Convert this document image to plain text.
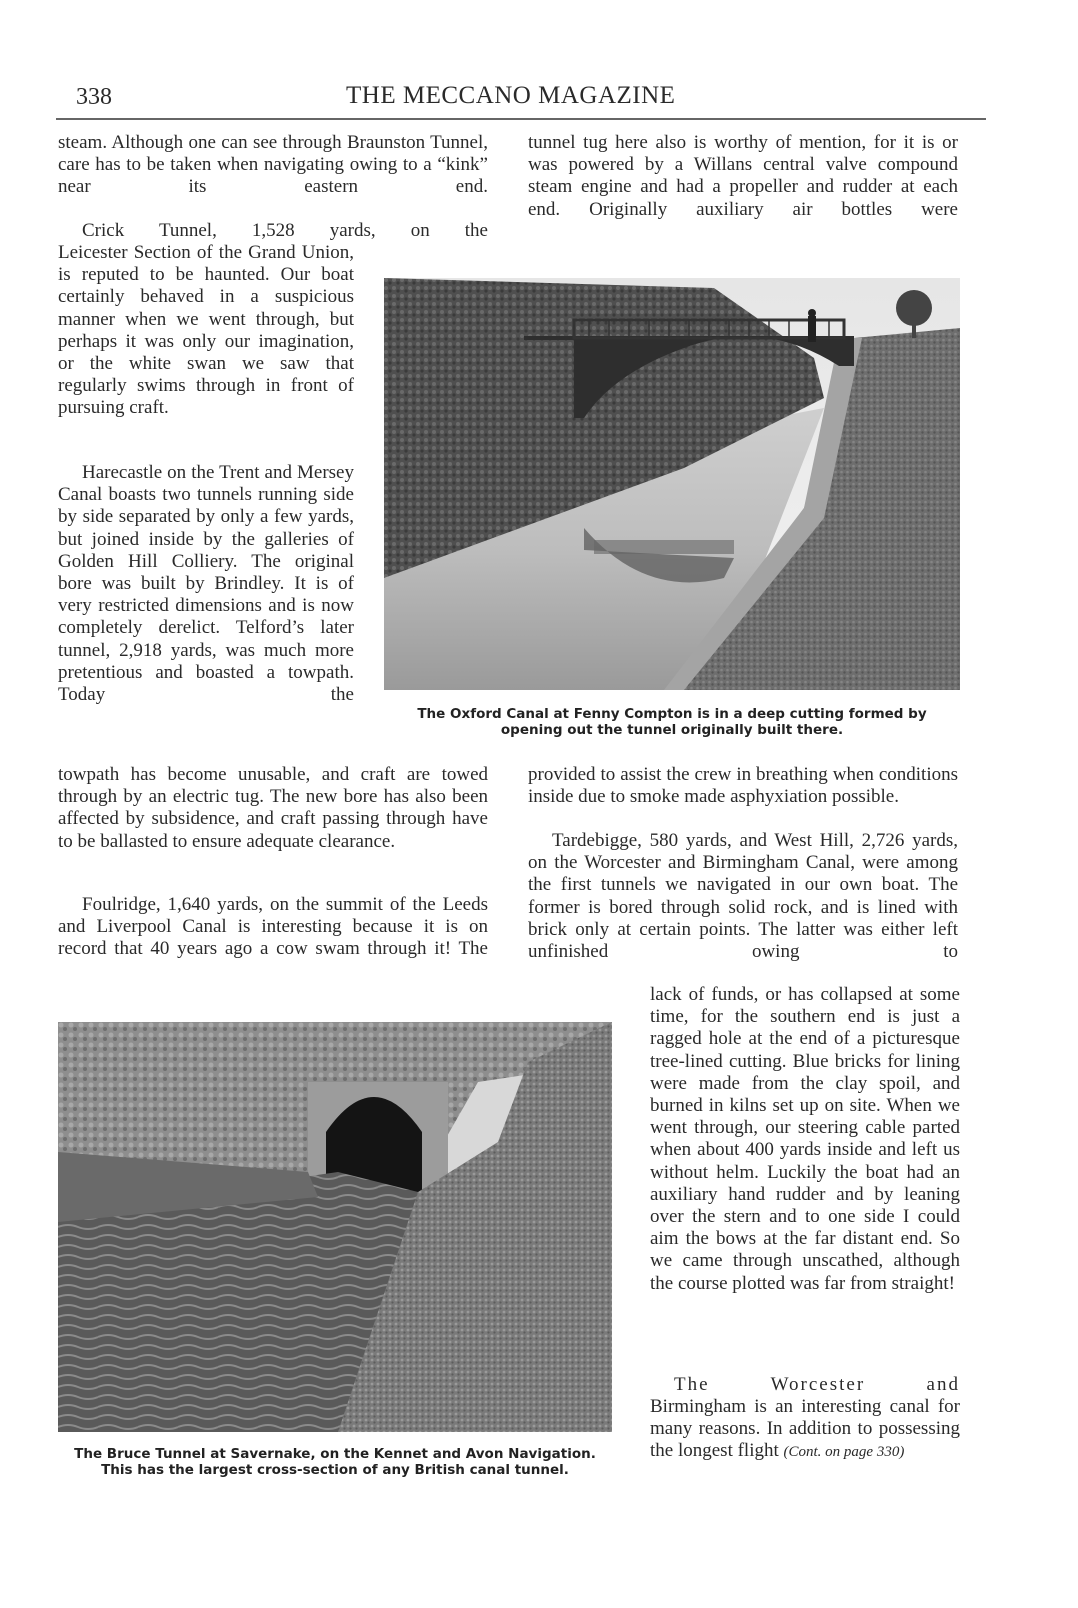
338	THE MECCANO MAGAZINE

steam. Although one can see through Braunston Tunnel, care has to be taken when navigating owing to a “kink” near its eastern end.

Crick Tunnel, 1,528 yards, on the

Leicester Section of the Grand Union, is reputed to be haunted. Our boat certainly behaved in a suspicious manner when we went through, but perhaps it was only our imagination, or the white swan we saw that regularly swims through in front of pursuing craft.

Harecastle on the Trent and Mersey Canal boasts two tunnels running side by side separated by only a few yards, but joined inside by the galleries of Golden Hill Colliery. The original bore was built by Brindley. It is of very restricted dimensions and is now completely derelict. Telford’s later tunnel, 2,918 yards, was much more pretentious and boasted a towpath. Today the

towpath has become unusable, and craft are towed through by an electric tug. The new bore has also been affected by subsidence, and craft passing through have to be ballasted to ensure adequate clearance.

Foulridge, 1,640 yards, on the summit of the Leeds and Liverpool Canal is interesting because it is on record that 40 years ago a cow swam through it! The

tunnel tug here also is worthy of mention, for it is or was powered by a Willans central valve compound steam engine and had a propeller and rudder at each end. Originally auxiliary air bottles were

provided to assist the crew in breathing when conditions inside due to smoke made asphyxiation possible.

Tardebigge, 580 yards, and West Hill, 2,726 yards, on the Worcester and Birmingham Canal, were among the first tunnels we navigated in our own boat. The former is bored through solid rock, and is lined with brick only at certain points. The latter was either left unfinished owing to

lack of funds, or has collapsed at some time, for the southern end is just a ragged hole at the end of a picturesque tree-lined cutting. Blue bricks for lining were made from the clay spoil, and burned in kilns set up on site. When we went through, our steering cable parted when about 400 yards inside and left us without helm. Luckily the boat had an auxiliary hand rudder and by leaning over the stern and to one side I could aim the bows at the far distant end. So we came through unscathed, although the course plotted was far from straight!

The Worcester and

Birmingham is an interesting canal for many reasons. In addition to possessing the longest flight (Cont. on page 330)

The Oxford Canal at Fenny Compton is in a deep cutting formed by
opening out the tunnel originally built there.

The Bruce Tunnel at Savernake, on the Kennet and Avon Navigation.
This has the largest cross-section of any British canal tunnel.
